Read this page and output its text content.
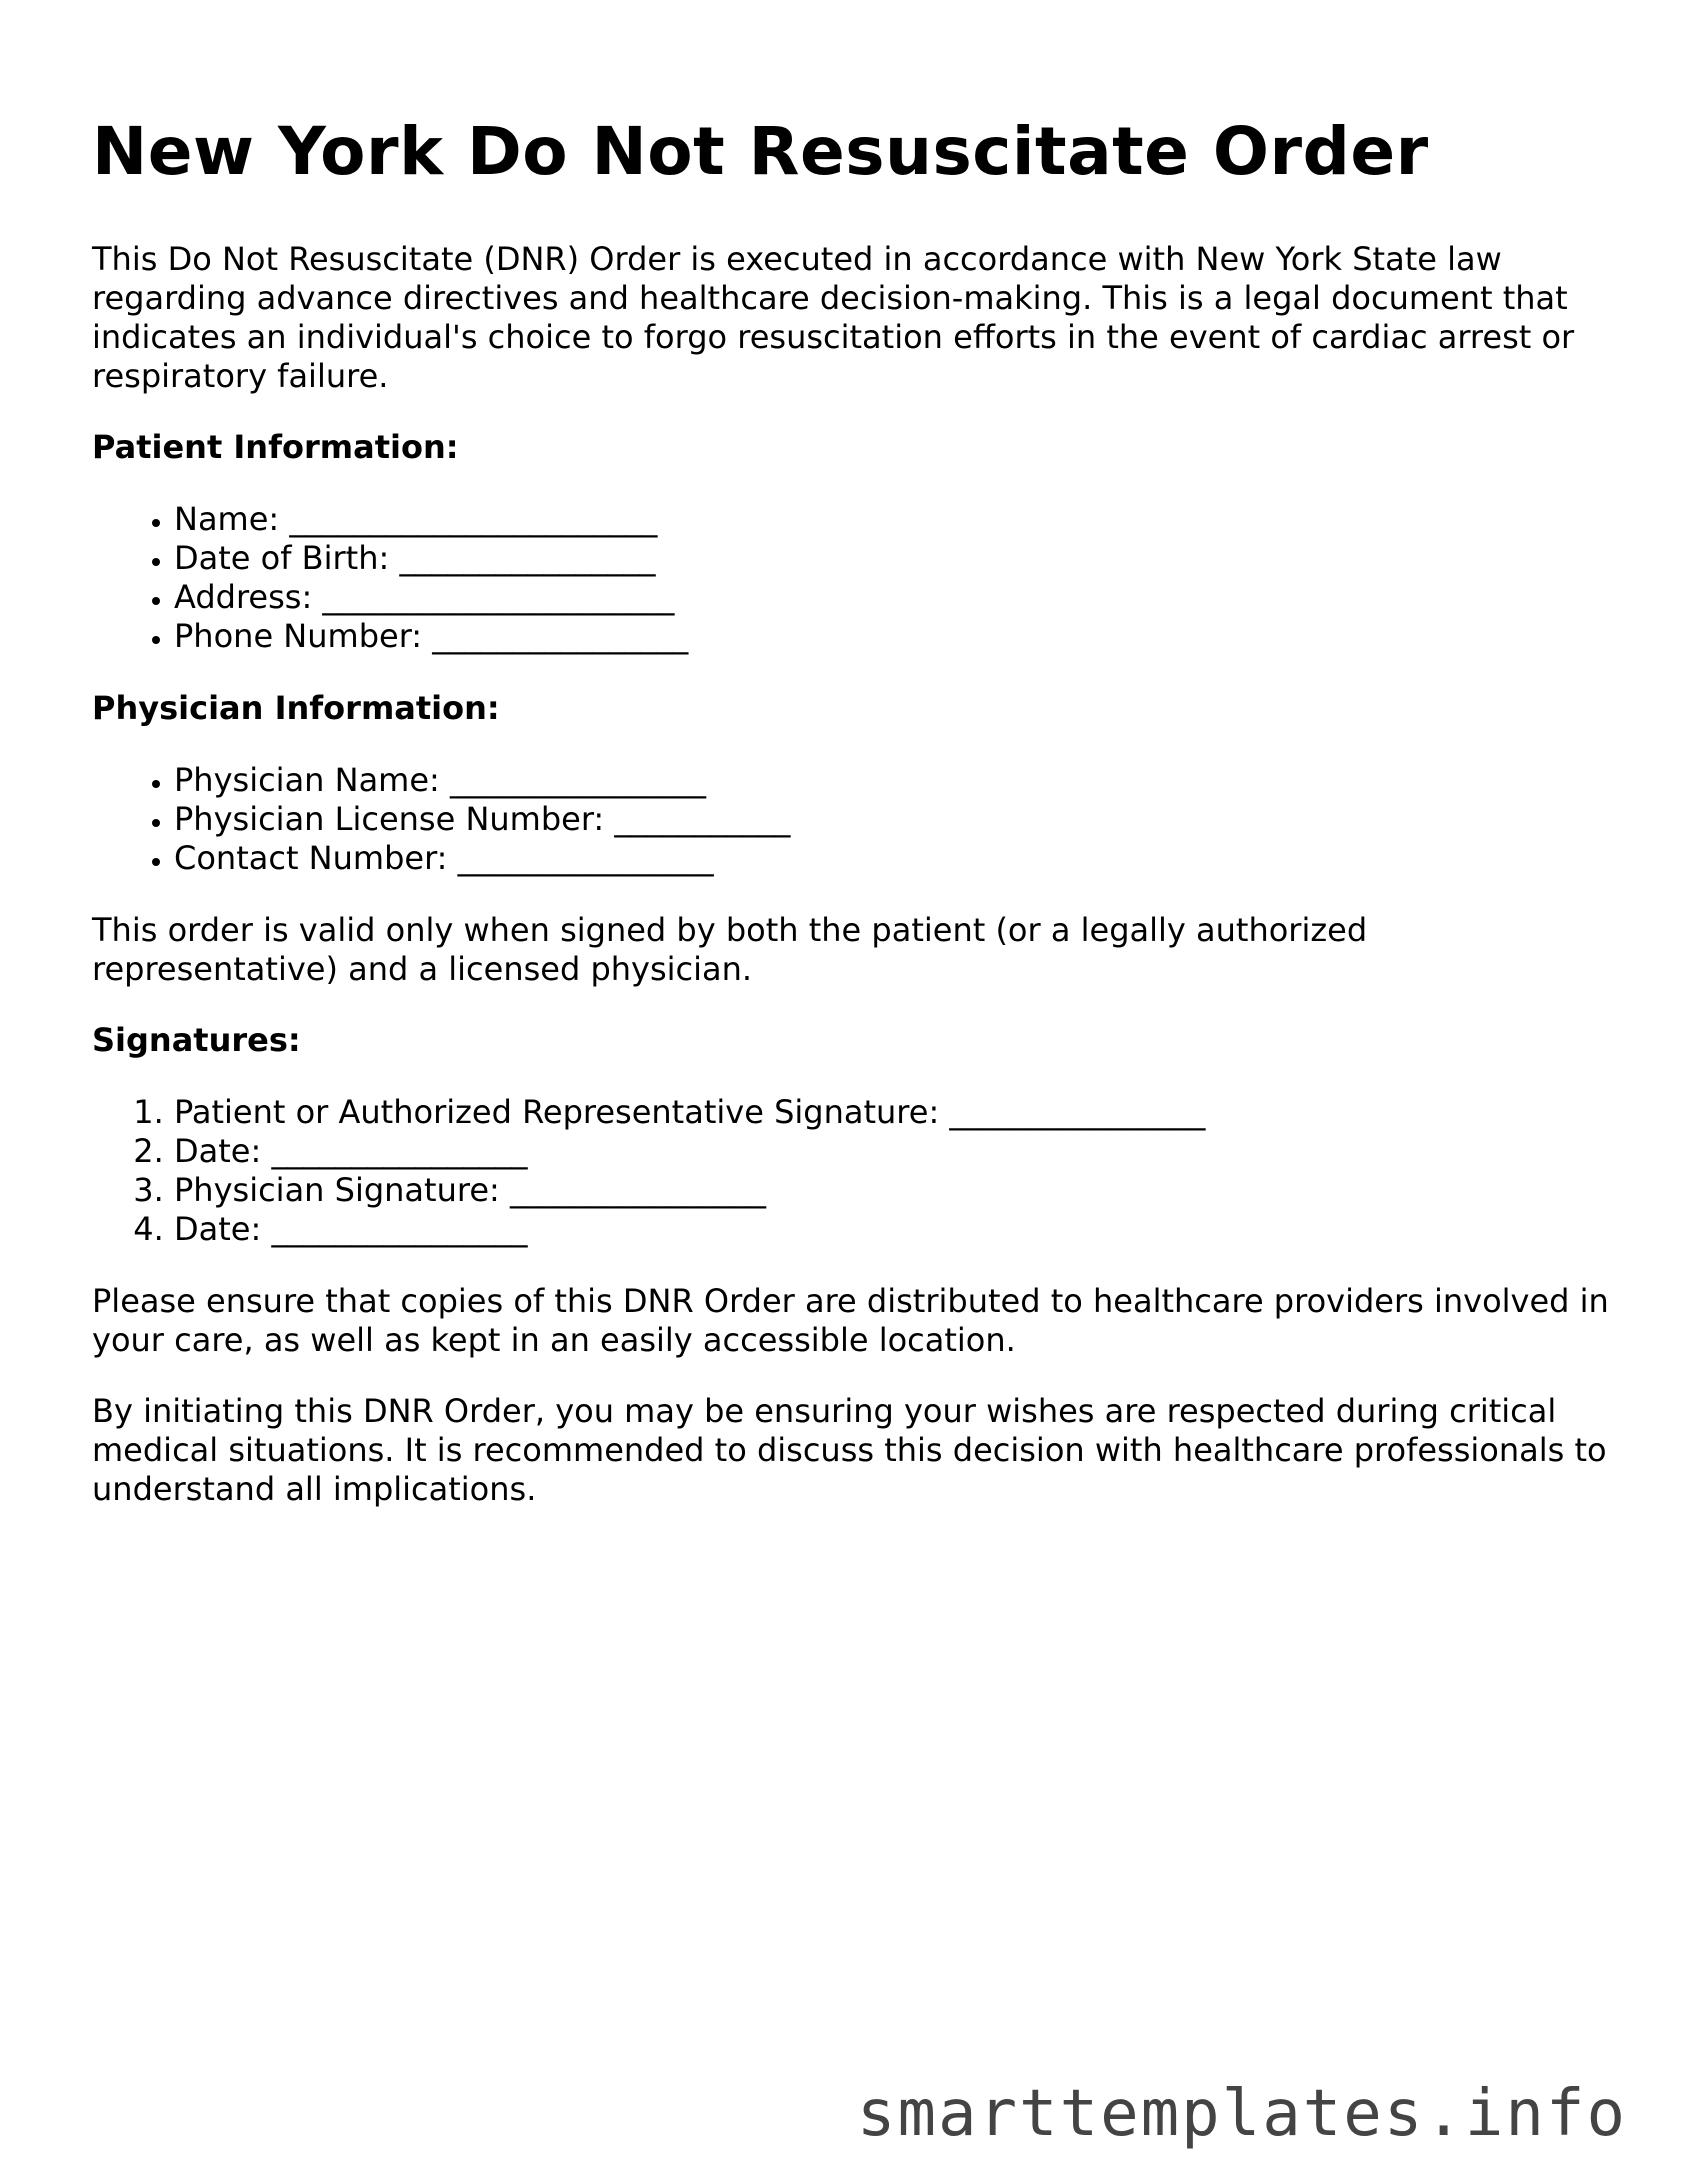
New York Do Not Resuscitate Order

This Do Not Resuscitate (DNR) Order is executed in accordance with New York State law regarding advance directives and healthcare decision-making. This is a legal document that indicates an individual's choice to forgo resuscitation efforts in the event of cardiac arrest or respiratory failure.

Patient Information:
• Name: _______________________
• Date of Birth: ________________
• Address: ______________________
• Phone Number: ________________
Physician Information:
• Physician Name: ________________
• Physician License Number: ___________
• Contact Number: ________________

This order is valid only when signed by both the patient (or a legally authorized representative) and a licensed physician.

Signatures:
1. Patient or Authorized Representative Signature: ________________
2. Date: ________________
3. Physician Signature: ________________
4. Date: ________________

Please ensure that copies of this DNR Order are distributed to healthcare providers involved in your care, as well as kept in an easily accessible location.

By initiating this DNR Order, you may be ensuring your wishes are respected during critical medical situations. It is recommended to discuss this decision with healthcare professionals to understand all implications.

smarttemplates.info
